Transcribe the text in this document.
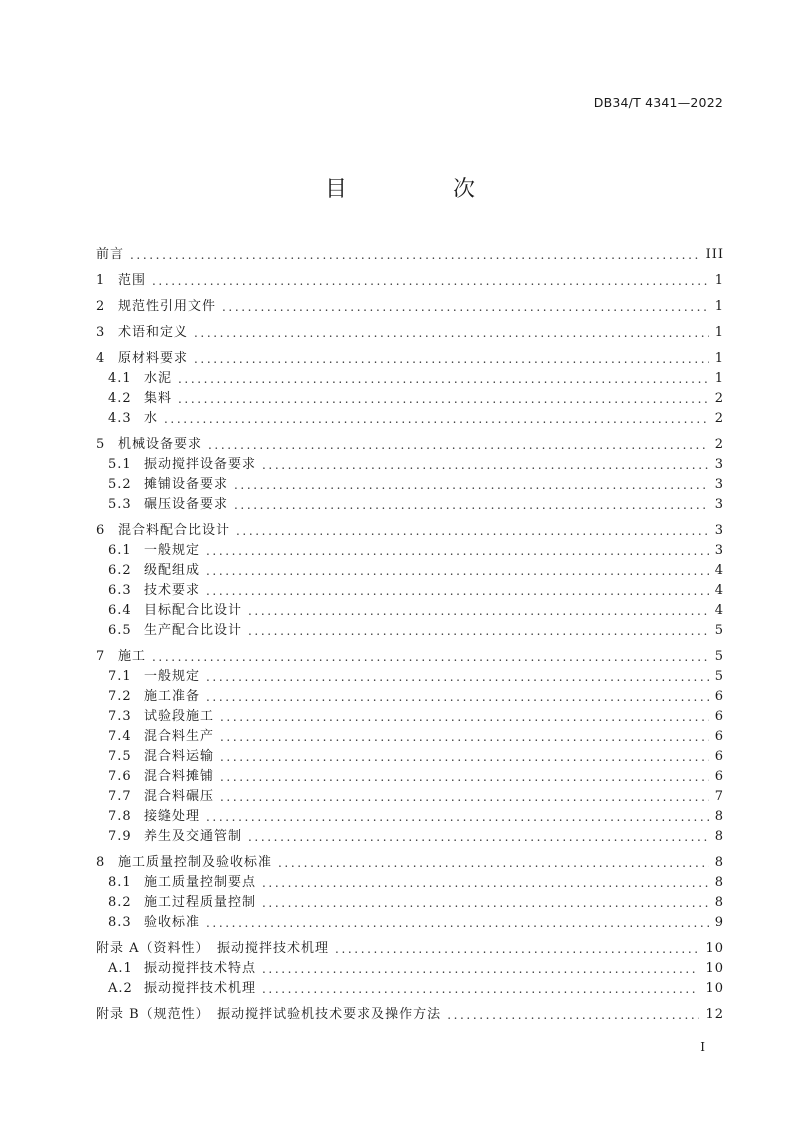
DB34/T 4341—2022
目　次
前言 .....	III
1 范围 .....	1
2 规范性引用文件 .....	1
3 术语和定义 .....	1
4 原材料要求 .....	1
4.1 水泥 .....	1
4.2 集料 .....	2
4.3 水 .....	2
5 机械设备要求 .....	2
5.1 振动搅拌设备要求 .....	3
5.2 摊铺设备要求 .....	3
5.3 碾压设备要求 .....	3
6 混合料配合比设计 .....	3
6.1 一般规定 .....	3
6.2 级配组成 .....	4
6.3 技术要求 .....	4
6.4 目标配合比设计 .....	4
6.5 生产配合比设计 .....	5
7 施工 .....	5
7.1 一般规定 .....	5
7.2 施工准备 .....	6
7.3 试验段施工 .....	6
7.4 混合料生产 .....	6
7.5 混合料运输 .....	6
7.6 混合料摊铺 .....	6
7.7 混合料碾压 .....	7
7.8 接缝处理 .....	8
7.9 养生及交通管制 .....	8
8 施工质量控制及验收标准 .....	8
8.1 施工质量控制要点 .....	8
8.2 施工过程质量控制 .....	8
8.3 验收标准 .....	9
附录 A（资料性）　振动搅拌技术机理 .....	10
A.1 振动搅拌技术特点 .....	10
A.2 振动搅拌技术机理 .....	10
附录 B（规范性）　振动搅拌试验机技术要求及操作方法 .....	12
I
